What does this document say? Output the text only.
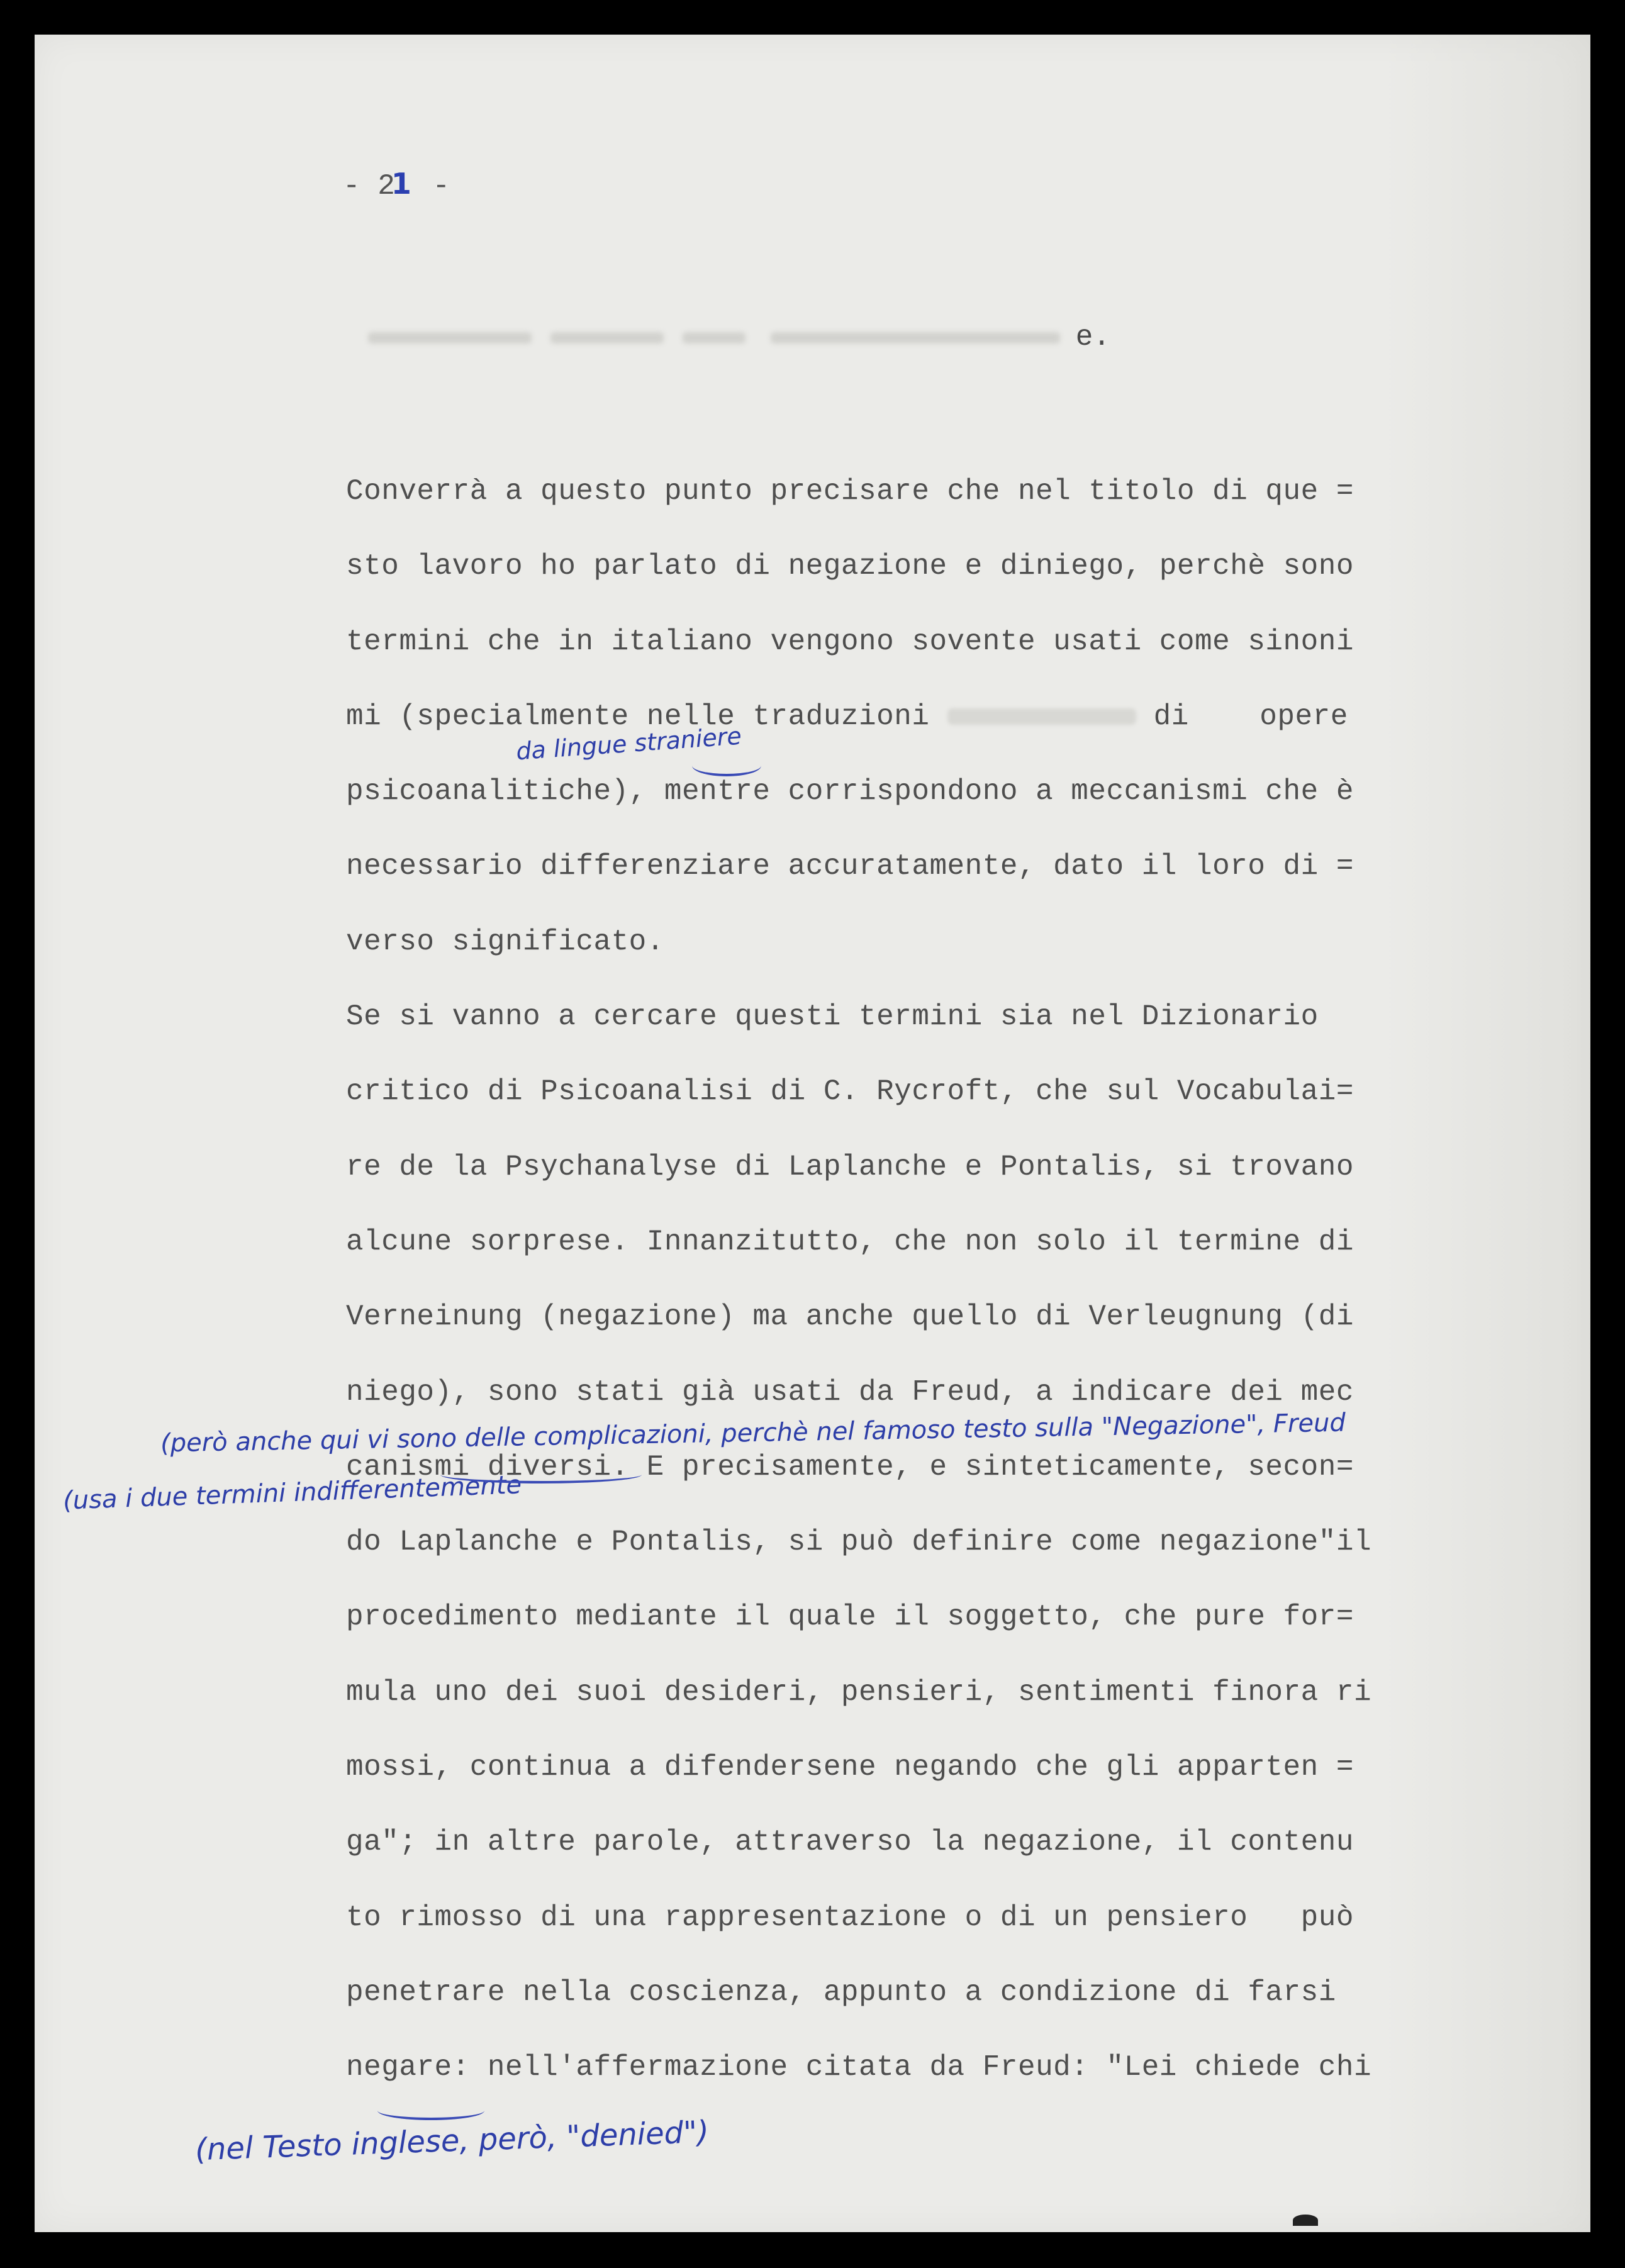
- 21 -
e.
Converrà a questo punto precisare che nel titolo di que =
sto lavoro ho parlato di negazione e diniego, perchè sono
termini che in italiano vengono sovente usati come sinoni
mi (specialmente nelle traduzioni	di    opere
psicoanalitiche), mentre corrispondono a meccanismi che è
necessario differenziare accuratamente, dato il loro di =
verso significato.
Se si vanno a cercare questi termini sia nel Dizionario
critico di Psicoanalisi di C. Rycroft, che sul Vocabulai=
re de la Psychanalyse di Laplanche e Pontalis, si trovano
alcune sorprese. Innanzitutto, che non solo il termine di
Verneinung (negazione) ma anche quello di Verleugnung (di
niego), sono stati già usati da Freud, a indicare dei mec
canismi diversi. E precisamente, e sinteticamente, secon=
do Laplanche e Pontalis, si può definire come negazione"il
procedimento mediante il quale il soggetto, che pure for=
mula uno dei suoi desideri, pensieri, sentimenti finora ri
mossi, continua a difendersene negando che gli apparten =
ga"; in altre parole, attraverso la negazione, il contenu
to rimosso di una rappresentazione o di un pensiero   può
penetrare nella coscienza, appunto a condizione di farsi
negare: nell'affermazione citata da Freud: "Lei chiede chi
da lingue straniere
(però anche qui vi sono delle complicazioni, perchè nel famoso testo sulla "Negazione", Freud
(usa i due termini indifferentemente
(nel Testo inglese, però, "denied")
